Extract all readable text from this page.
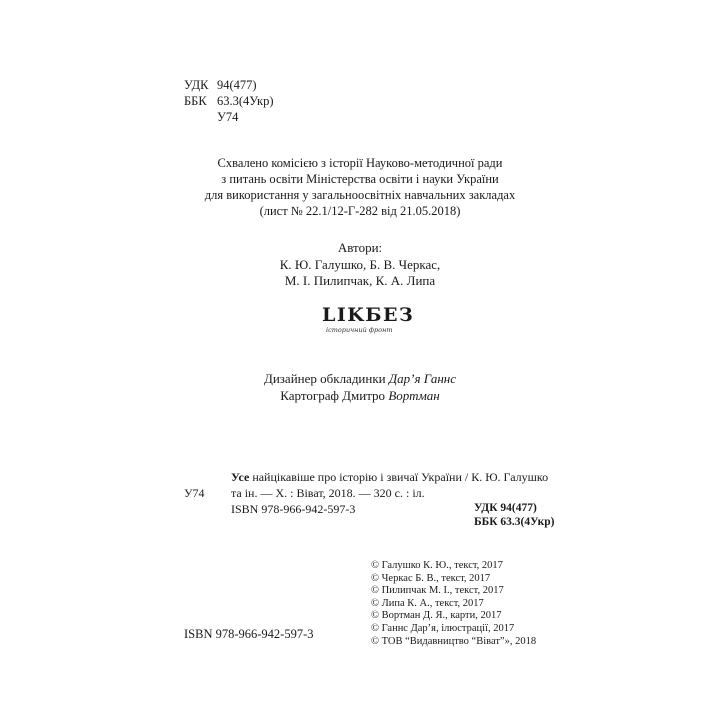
УДК 94(477)
ББК 63.3(4Укр)
У74
Схвалено комісією з історії Науково-методичної ради
з питань освіти Міністерства освіти і науки України
для використання у загальноосвітніх навчальних закладах
(лист № 22.1/12-Г-282 від 21.05.2018)
Автори:
К. Ю. Галушко, Б. В. Черкас,
М. І. Пилипчак, К. А. Липа
LIKБЕЗ
історичний фронт
Дизайнер обкладинки Дар’я Ганнс
Картограф Дмитро Вортман
Усе найцікавіше про історію і звичаї України / К. Ю. Галушко
У74	та ін. — Х. : Віват, 2018. — 320 с. : іл.
ISBN 978-966-942-597-3	УДК 94(477)
ББК 63.3(4Укр)
© Галушко К. Ю., текст, 2017
© Черкас Б. В., текст, 2017
© Пилипчак М. І., текст, 2017
© Липа К. А., текст, 2017
© Вортман Д. Я., карти, 2017
© Ганнс Дар’я, ілюстрації, 2017
© ТОВ “Видавництво “Віват”», 2018
ISBN 978-966-942-597-3
